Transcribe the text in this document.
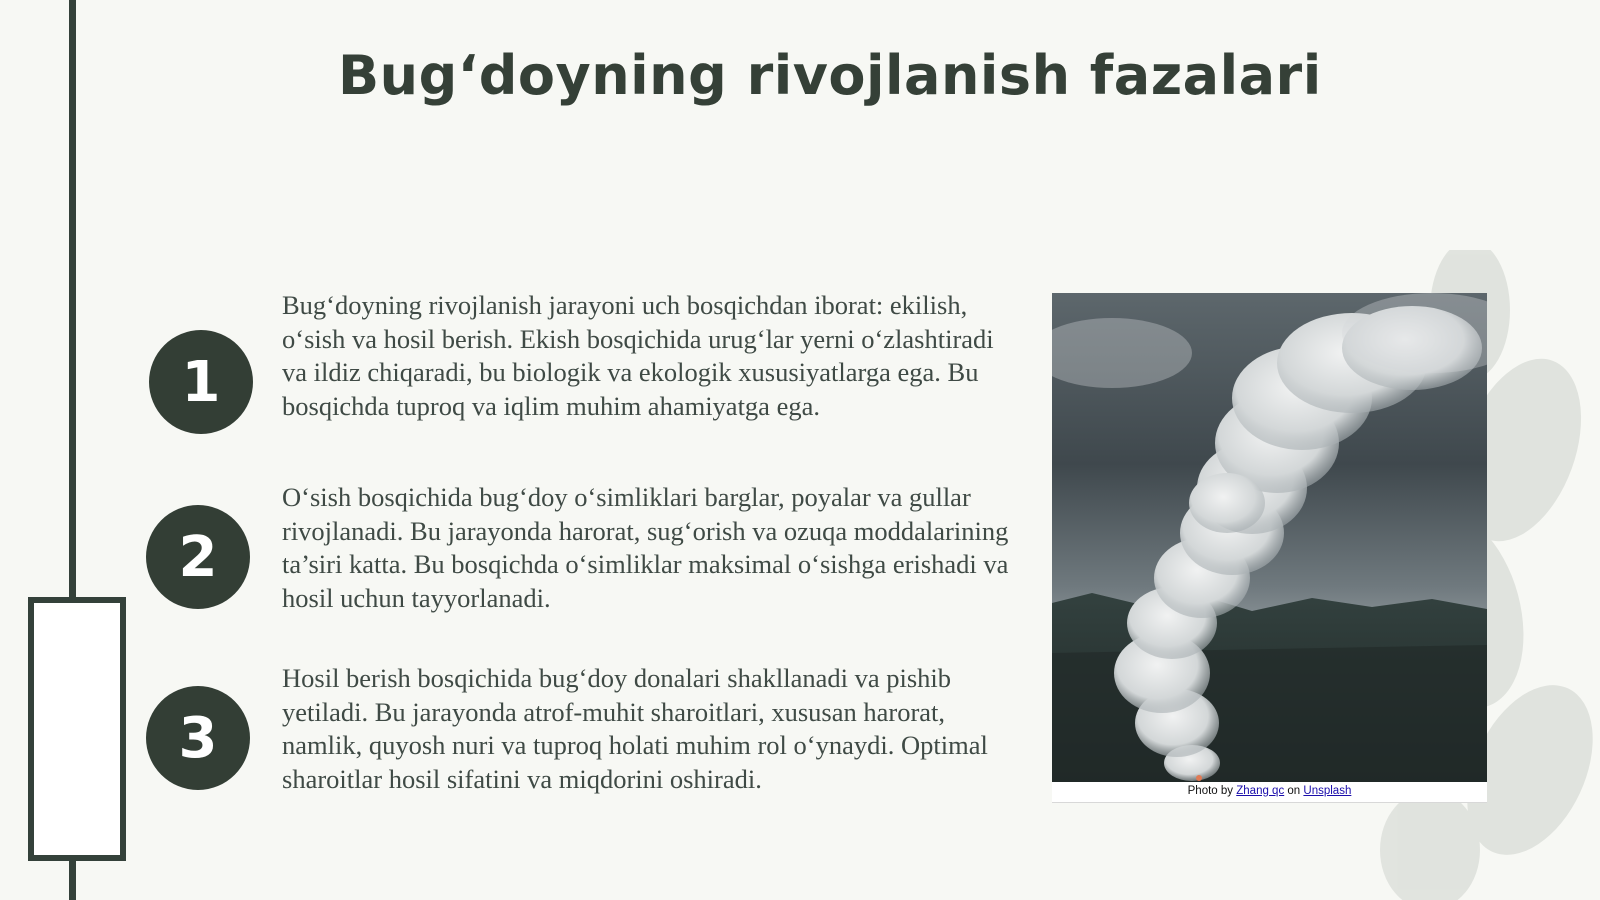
Bug‘doyning rivojlanish fazalari
1

Bug‘doyning rivojlanish jarayoni uch bosqichdan iborat: ekilish, o‘sish va hosil berish. Ekish bosqichida urug‘lar yerni o‘zlashtiradi va ildiz chiqaradi, bu biologik va ekologik xususiyatlarga ega. Bu bosqichda tuproq va iqlim muhim ahamiyatga ega.

2

O‘sish bosqichida bug‘doy o‘simliklari barglar, poyalar va gullar rivojlanadi. Bu jarayonda harorat, sug‘orish va ozuqa moddalarining ta’siri katta. Bu bosqichda o‘simliklar maksimal o‘sishga erishadi va hosil uchun tayyorlanadi.

3

Hosil berish bosqichida bug‘doy donalari shakllanadi va pishib yetiladi. Bu jarayonda atrof-muhit sharoitlari, xususan harorat, namlik, quyosh nuri va tuproq holati muhim rol o‘ynaydi. Optimal sharoitlar hosil sifatini va miqdorini oshiradi.	Photo by Zhang qc on Unsplash
